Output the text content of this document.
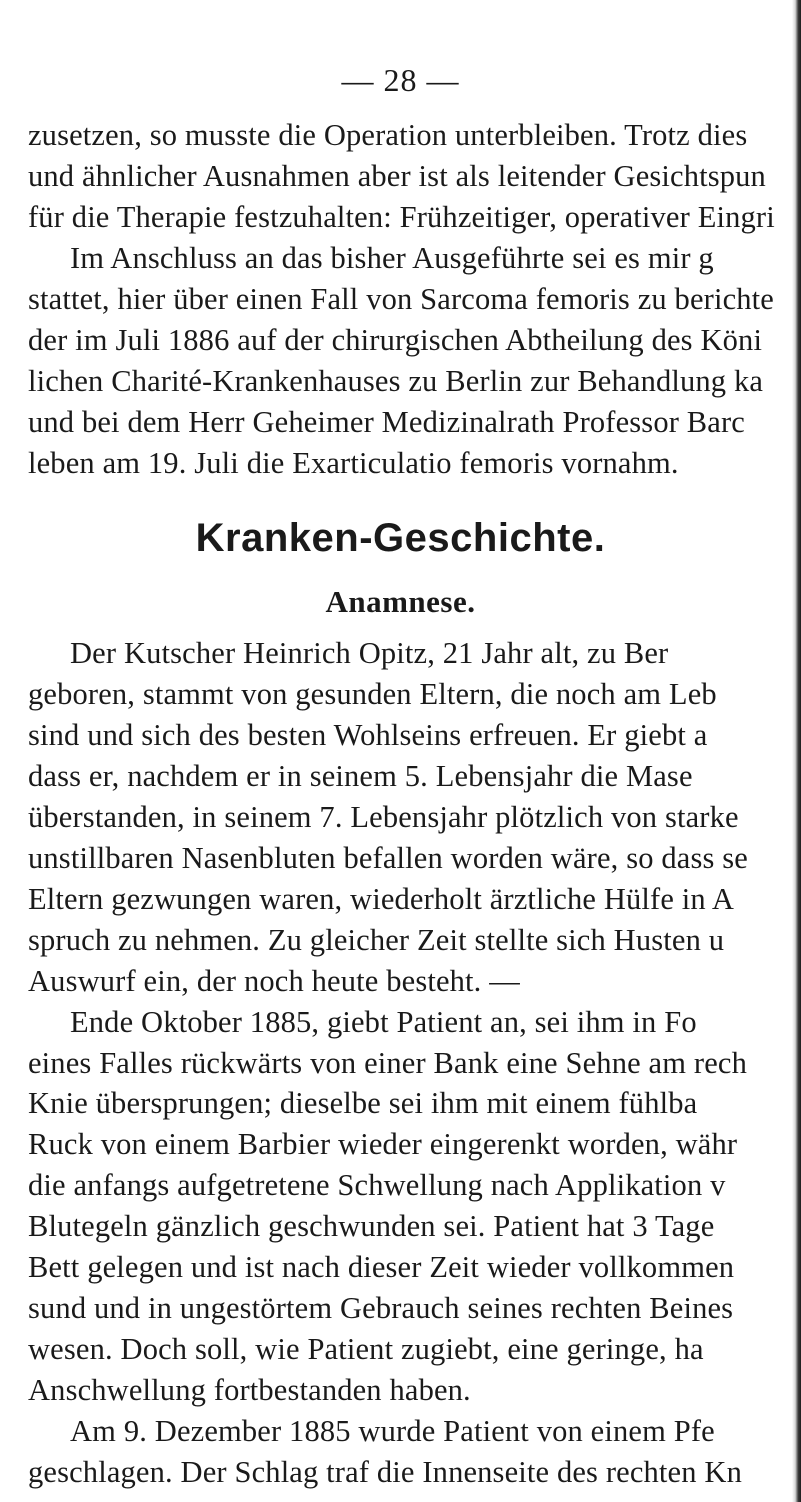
— 28 —
zusetzen, so musste die Operation unterbleiben. Trotz dies
und ähnlicher Ausnahmen aber ist als leitender Gesichtspun
für die Therapie festzuhalten: Frühzeitiger, operativer Eingri
Im Anschluss an das bisher Ausgeführte sei es mir g
stattet, hier über einen Fall von Sarcoma femoris zu berichte
der im Juli 1886 auf der chirurgischen Abtheilung des Köni
lichen Charité-Krankenhauses zu Berlin zur Behandlung ka
und bei dem Herr Geheimer Medizinalrath Professor Barc
leben am 19. Juli die Exarticulatio femoris vornahm.
Kranken-Geschichte.
Anamnese.
Der Kutscher Heinrich Opitz, 21 Jahr alt, zu Ber
geboren, stammt von gesunden Eltern, die noch am Leb
sind und sich des besten Wohlseins erfreuen. Er giebt a
dass er, nachdem er in seinem 5. Lebensjahr die Mase
überstanden, in seinem 7. Lebensjahr plötzlich von starke
unstillbaren Nasenbluten befallen worden wäre, so dass se
Eltern gezwungen waren, wiederholt ärztliche Hülfe in A
spruch zu nehmen. Zu gleicher Zeit stellte sich Husten u
Auswurf ein, der noch heute besteht. —
Ende Oktober 1885, giebt Patient an, sei ihm in Fo
eines Falles rückwärts von einer Bank eine Sehne am rech
Knie übersprungen; dieselbe sei ihm mit einem fühlba
Ruck von einem Barbier wieder eingerenkt worden, währ
die anfangs aufgetretene Schwellung nach Applikation v
Blutegeln gänzlich geschwunden sei. Patient hat 3 Tage
Bett gelegen und ist nach dieser Zeit wieder vollkommen
sund und in ungestörtem Gebrauch seines rechten Beines
wesen. Doch soll, wie Patient zugiebt, eine geringe, ha
Anschwellung fortbestanden haben.
Am 9. Dezember 1885 wurde Patient von einem Pfe
geschlagen. Der Schlag traf die Innenseite des rechten Kn
